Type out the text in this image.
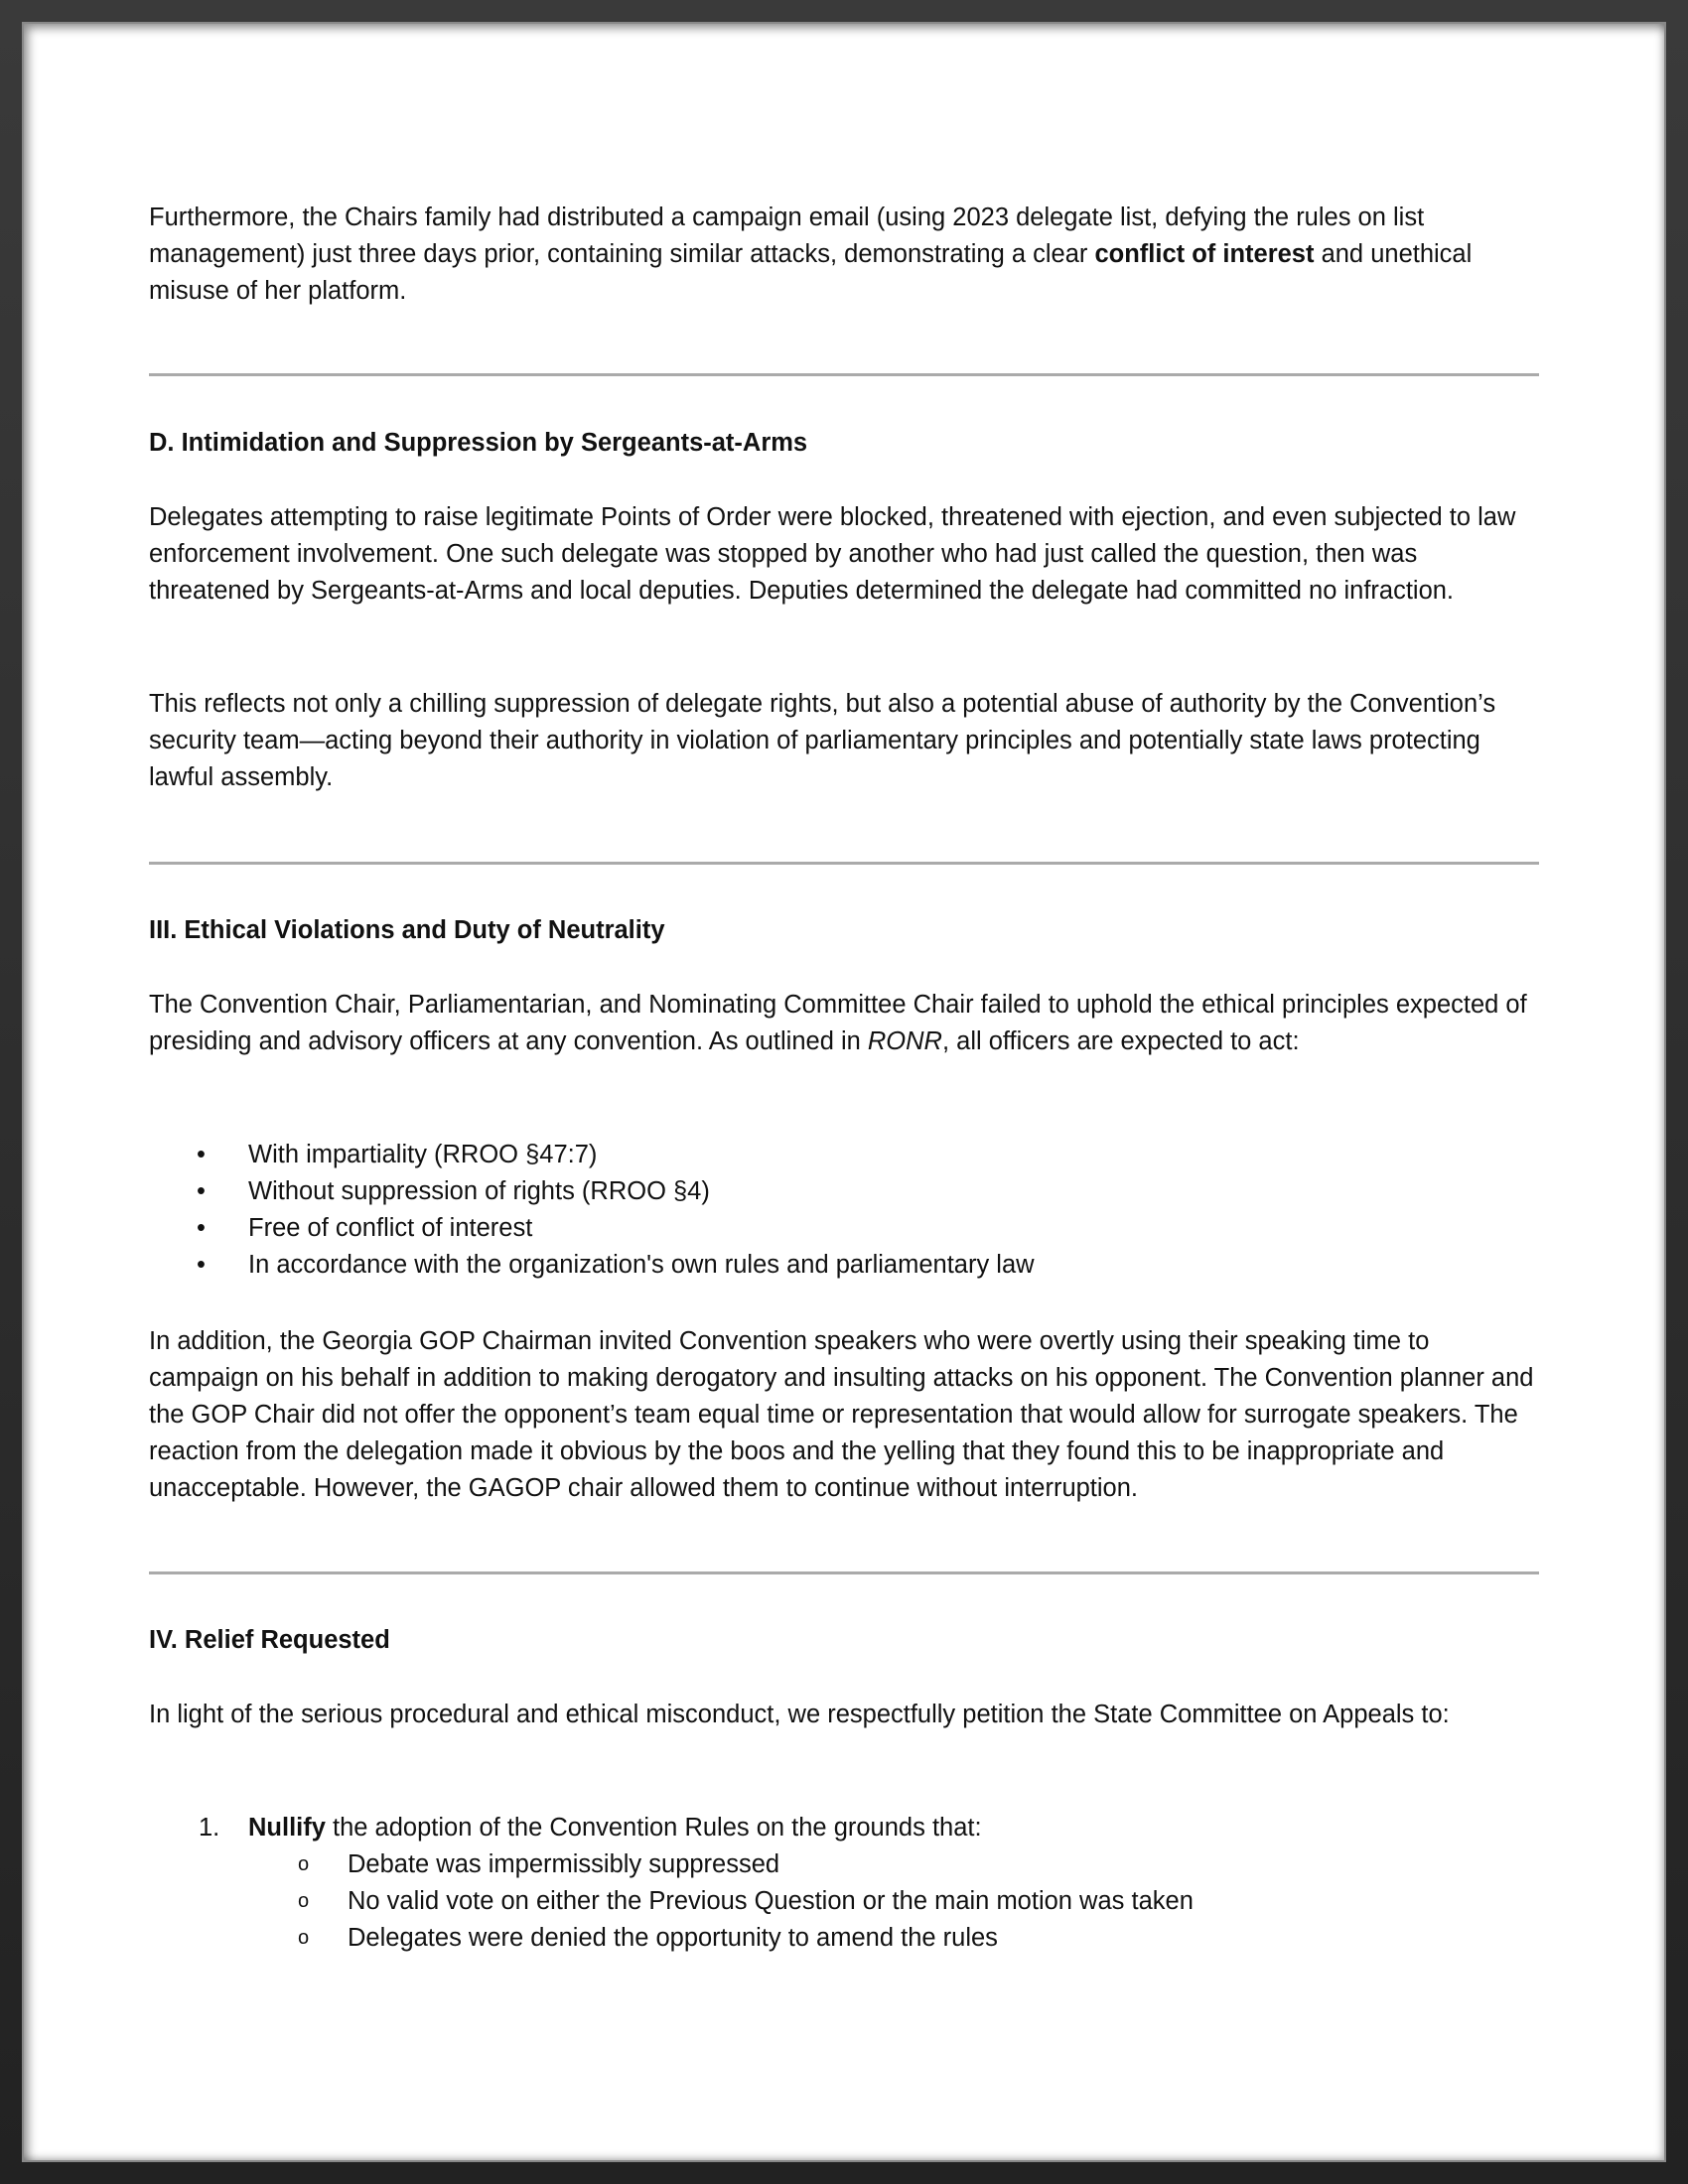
Furthermore, the Chairs family had distributed a campaign email (using 2023 delegate list, defying the rules on list management) just three days prior, containing similar attacks, demonstrating a clear conflict of interest and unethical misuse of her platform.

D. Intimidation and Suppression by Sergeants-at-Arms
Delegates attempting to raise legitimate Points of Order were blocked, threatened with ejection, and even subjected to law enforcement involvement. One such delegate was stopped by another who had just called the question, then was threatened by Sergeants-at-Arms and local deputies. Deputies determined the delegate had committed no infraction.
This reflects not only a chilling suppression of delegate rights, but also a potential abuse of authority by the Convention’s security team—acting beyond their authority in violation of parliamentary principles and potentially state laws protecting lawful assembly.
III. Ethical Violations and Duty of Neutrality

The Convention Chair, Parliamentarian, and Nominating Committee Chair failed to uphold the ethical principles expected of presiding and advisory officers at any convention. As outlined in RONR, all officers are expected to act:

• With impartiality (RROO §47:7)
• Without suppression of rights (RROO §4)
• Free of conflict of interest
• In accordance with the organization's own rules and parliamentary law
In addition, the Georgia GOP Chairman invited Convention speakers who were overtly using their speaking time to campaign on his behalf in addition to making derogatory and insulting attacks on his opponent. The Convention planner and the GOP Chair did not offer the opponent’s team equal time or representation that would allow for surrogate speakers. The reaction from the delegation made it obvious by the boos and the yelling that they found this to be inappropriate and unacceptable. However, the GAGOP chair allowed them to continue without interruption.
IV. Relief Requested
In light of the serious procedural and ethical misconduct, we respectfully petition the State Committee on Appeals to:
1. Nullify the adoption of the Convention Rules on the grounds that:
o Debate was impermissibly suppressed
o No valid vote on either the Previous Question or the main motion was taken
o Delegates were denied the opportunity to amend the rules
